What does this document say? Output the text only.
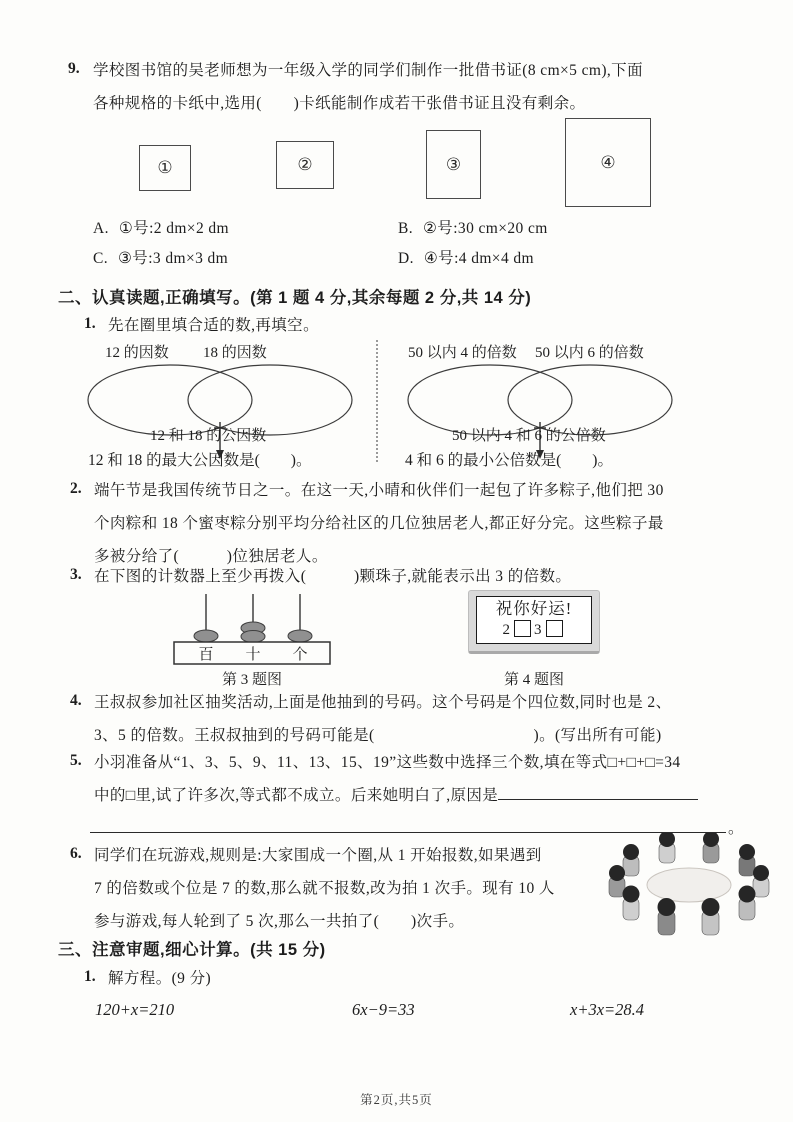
9. 学校图书馆的吴老师想为一年级入学的同学们制作一批借书证(8 cm×5 cm),下面
各种规格的卡纸中,选用(　　)卡纸能制作成若干张借书证且没有剩余。
①	②	③	④
A. ①号:2 dm×2 dm	B. ②号:30 cm×20 cm
C. ③号:3 dm×3 dm	D. ④号:4 dm×4 dm
二、认真读题,正确填写。(第 1 题 4 分,其余每题 2 分,共 14 分)
1. 先在圈里填合适的数,再填空。
12 的因数 18 的因数
12 和 18 的公因数
12 和 18 的最大公因数是(　　)。
50 以内 4 的倍数 50 以内 6 的倍数
50 以内 4 和 6 的公倍数
4 和 6 的最小公倍数是(　　)。
2. 端午节是我国传统节日之一。在这一天,小晴和伙伴们一起包了许多粽子,他们把 30
个肉粽和 18 个蜜枣粽分别平均分给社区的几位独居老人,都正好分完。这些粽子最
多被分给了(　　　)位独居老人。
3. 在下图的计数器上至少再拨入(　　　)颗珠子,就能表示出 3 的倍数。
百 十 个
第 3 题图
祝你好运!
2 3
第 4 题图
4. 王叔叔参加社区抽奖活动,上面是他抽到的号码。这个号码是个四位数,同时也是 2、
3、5 的倍数。王叔叔抽到的号码可能是(　　　　　　　　　　)。(写出所有可能)
5. 小羽准备从“1、3、5、9、11、13、15、19”这些数中选择三个数,填在等式□+□+□=34
中的□里,试了许多次,等式都不成立。后来她明白了,原因是
。
6. 同学们在玩游戏,规则是:大家围成一个圈,从 1 开始报数,如果遇到
7 的倍数或个位是 7 的数,那么就不报数,改为拍 1 次手。现有 10 人
参与游戏,每人轮到了 5 次,那么一共拍了(　　)次手。
三、注意审题,细心计算。(共 15 分)
1. 解方程。(9 分)
120+x=210	6x−9=33	x+3x=28.4
第2页,共5页
